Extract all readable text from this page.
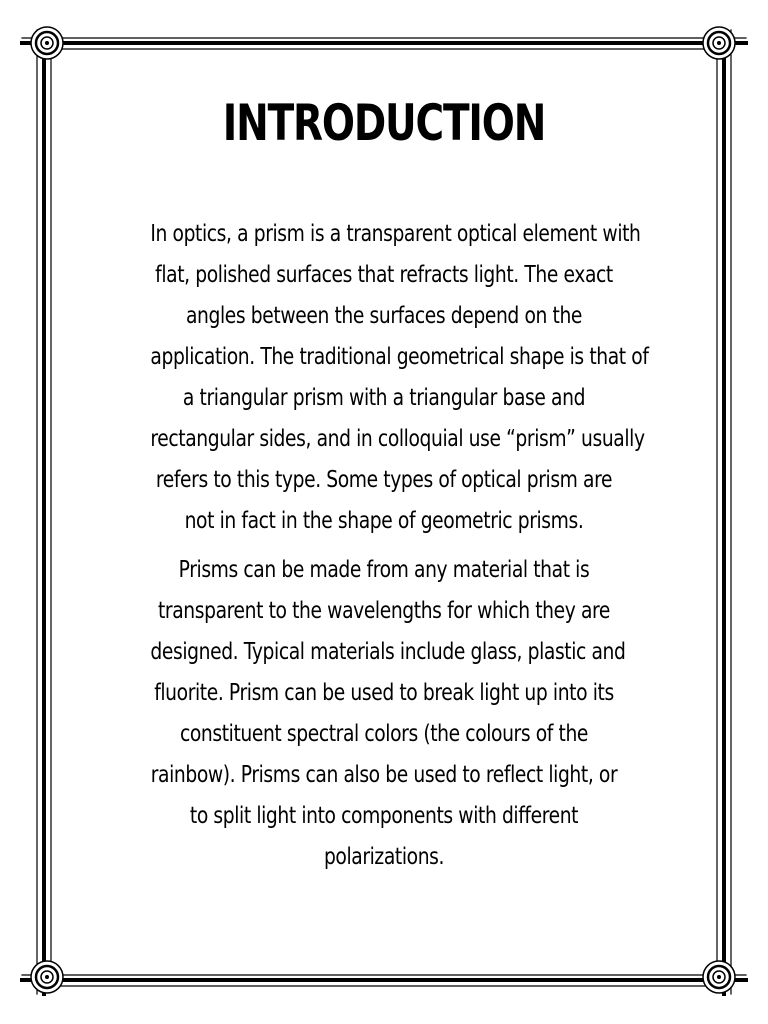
INTRODUCTION

In optics, a prism is a transparent optical element with
flat, polished surfaces that refracts light. The exact
angles between the surfaces depend on the
application. The traditional geometrical shape is that of
a triangular prism with a triangular base and
rectangular sides, and in colloquial use “prism” usually
refers to this type. Some types of optical prism are
not in fact in the shape of geometric prisms.

Prisms can be made from any material that is
transparent to the wavelengths for which they are
designed. Typical materials include glass, plastic and
fluorite. Prism can be used to break light up into its
constituent spectral colors (the colours of the
rainbow). Prisms can also be used to reflect light, or
to split light into components with different
polarizations.
